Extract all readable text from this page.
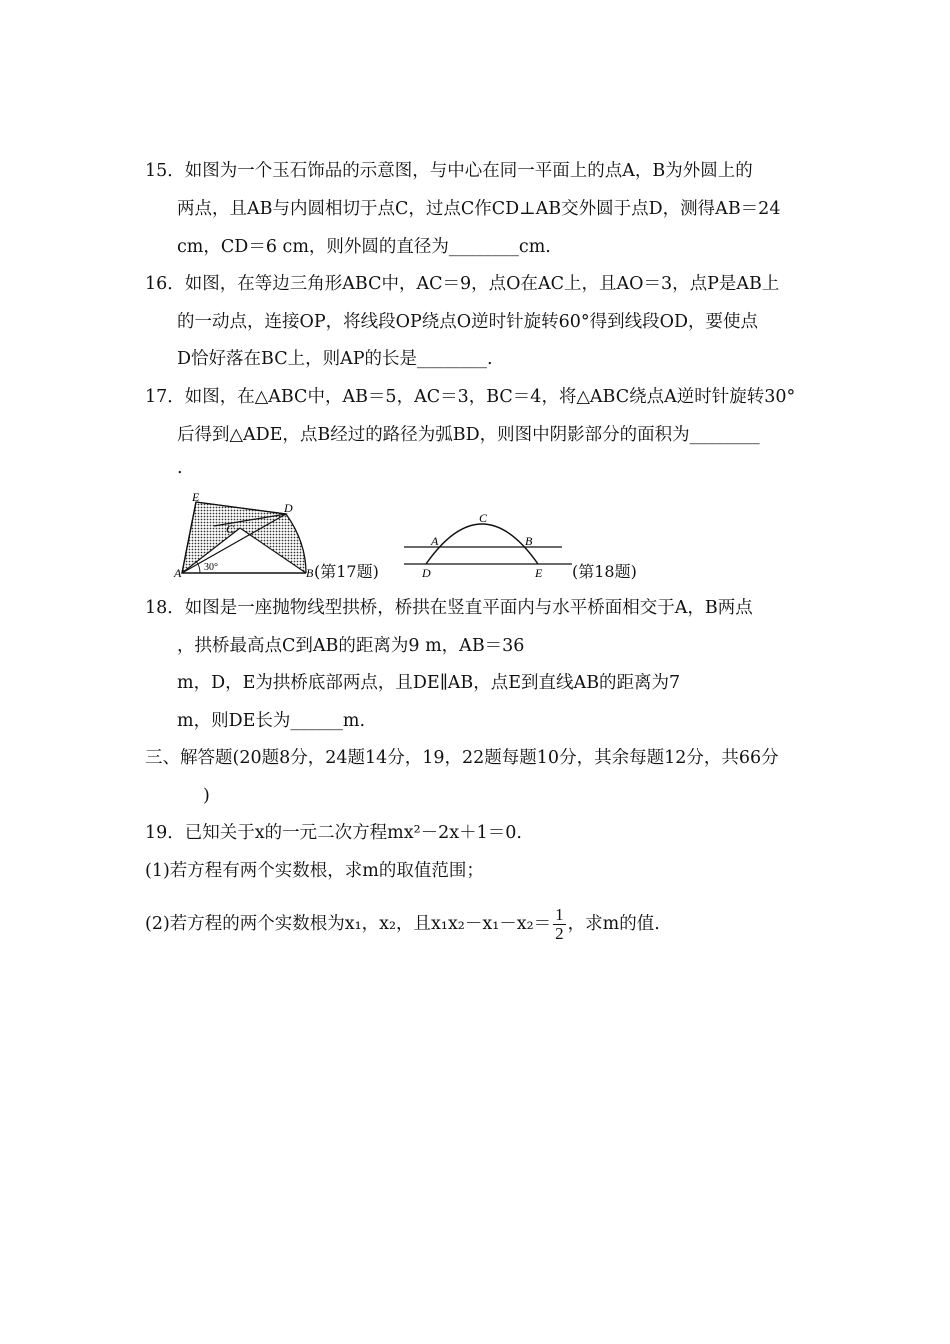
15．如图为一个玉石饰品的示意图，与中心在同一平面上的点A，B为外圆上的
两点，且AB与内圆相切于点C，过点C作CD⊥AB交外圆于点D，测得AB＝24
cm，CD＝6 cm，则外圆的直径为________cm.
16．如图，在等边三角形ABC中，AC＝9，点O在AC上，且AO＝3，点P是AB上
的一动点，连接OP，将线段OP绕点O逆时针旋转60°得到线段OD，要使点
D恰好落在BC上，则AP的长是________.
17．如图，在△ABC中，AB＝5，AC＝3，BC＝4，将△ABC绕点A逆时针旋转30°
后得到△ADE，点B经过的路径为弧BD，则图中阴影部分的面积为________
.
E
D
C
A	B
30°	(第17题)
C
A	B
D	E (第18题)
18．如图是一座抛物线型拱桥，桥拱在竖直平面内与水平桥面相交于A，B两点
，拱桥最高点C到AB的距离为9 m，AB＝36
m，D，E为拱桥底部两点，且DE∥AB，点E到直线AB的距离为7
m，则DE长为______m.
三、解答题(20题8分，24题14分，19，22题每题10分，其余每题12分，共66分
)
19．已知关于x的一元二次方程mx²－2x＋1＝0.
(1)若方程有两个实数根，求m的取值范围；
(2)若方程的两个实数根为x₁，x₂，且$x_1x_2-x_1-x_2= \frac{1}{2}$ ，求m的值.
